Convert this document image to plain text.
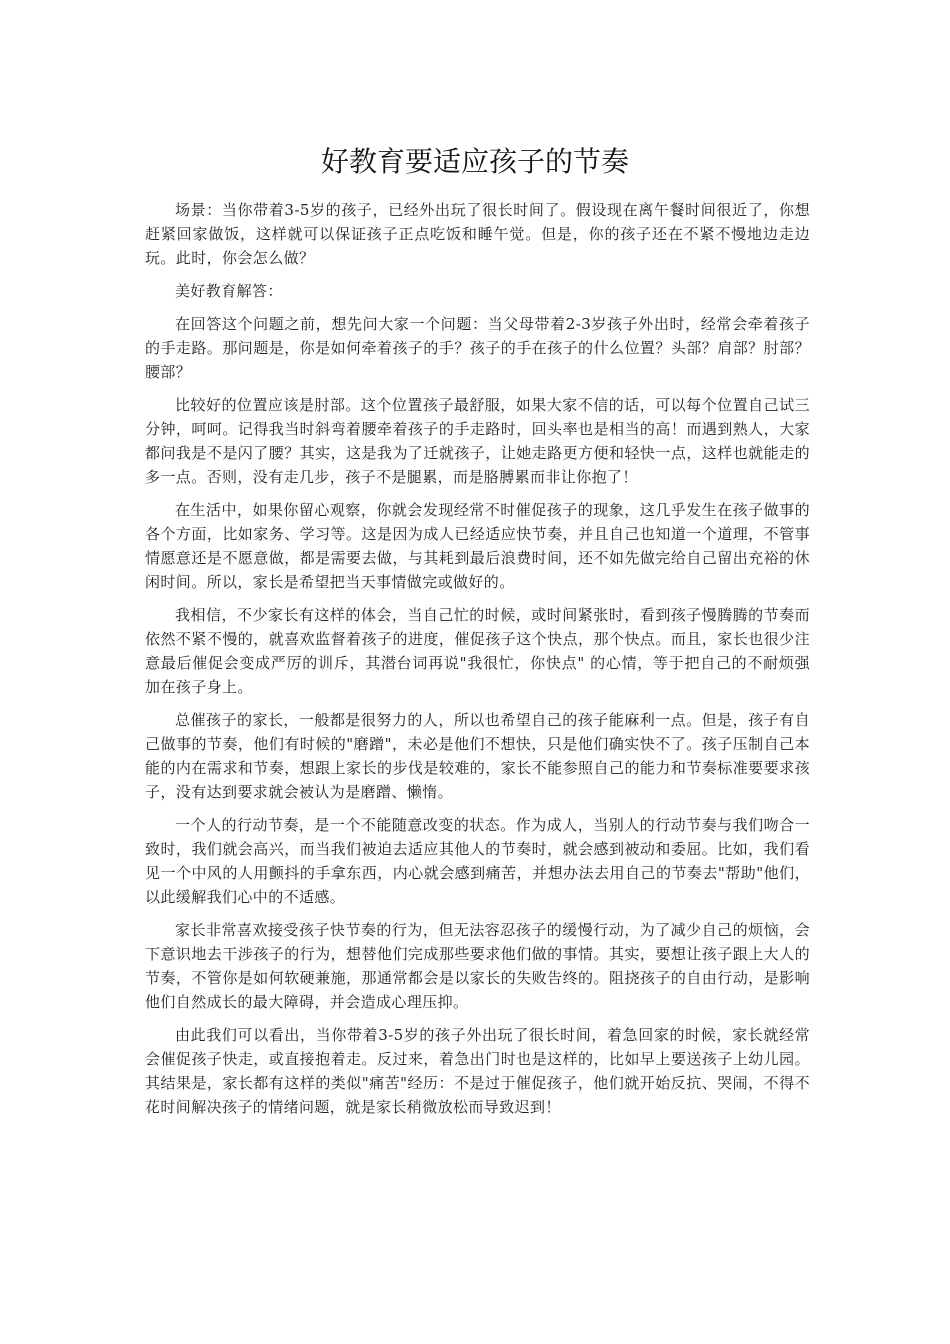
好教育要适应孩子的节奏

场景：当你带着3-5岁的孩子，已经外出玩了很长时间了。假设现在离午餐时间很近了，你想赶紧回家做饭，这样就可以保证孩子正点吃饭和睡午觉。但是，你的孩子还在不紧不慢地边走边玩。此时，你会怎么做？

美好教育解答：

在回答这个问题之前，想先问大家一个问题：当父母带着2-3岁孩子外出时，经常会牵着孩子的手走路。那问题是，你是如何牵着孩子的手？孩子的手在孩子的什么位置？头部？肩部？肘部？腰部？

比较好的位置应该是肘部。这个位置孩子最舒服，如果大家不信的话，可以每个位置自己试三分钟，呵呵。记得我当时斜弯着腰牵着孩子的手走路时，回头率也是相当的高！而遇到熟人，大家都问我是不是闪了腰？其实，这是我为了迁就孩子，让她走路更方便和轻快一点，这样也就能走的多一点。否则，没有走几步，孩子不是腿累，而是胳膊累而非让你抱了！

在生活中，如果你留心观察，你就会发现经常不时催促孩子的现象，这几乎发生在孩子做事的各个方面，比如家务、学习等。这是因为成人已经适应快节奏，并且自己也知道一个道理，不管事情愿意还是不愿意做，都是需要去做，与其耗到最后浪费时间，还不如先做完给自己留出充裕的休闲时间。所以，家长是希望把当天事情做完或做好的。

我相信，不少家长有这样的体会，当自己忙的时候，或时间紧张时，看到孩子慢腾腾的节奏而依然不紧不慢的，就喜欢监督着孩子的进度，催促孩子这个快点，那个快点。而且，家长也很少注意最后催促会变成严厉的训斥，其潜台词再说"我很忙，你快点" 的心情，等于把自己的不耐烦强加在孩子身上。

总催孩子的家长，一般都是很努力的人，所以也希望自己的孩子能麻利一点。但是，孩子有自己做事的节奏，他们有时候的"磨蹭"，未必是他们不想快，只是他们确实快不了。孩子压制自己本能的内在需求和节奏，想跟上家长的步伐是较难的，家长不能参照自己的能力和节奏标准要要求孩子，没有达到要求就会被认为是磨蹭、懒惰。

一个人的行动节奏，是一个不能随意改变的状态。作为成人，当别人的行动节奏与我们吻合一致时，我们就会高兴，而当我们被迫去适应其他人的节奏时，就会感到被动和委屈。比如，我们看见一个中风的人用颤抖的手拿东西，内心就会感到痛苦，并想办法去用自己的节奏去"帮助"他们，以此缓解我们心中的不适感。

家长非常喜欢接受孩子快节奏的行为，但无法容忍孩子的缓慢行动，为了减少自己的烦恼，会下意识地去干涉孩子的行为，想替他们完成那些要求他们做的事情。其实，要想让孩子跟上大人的节奏，不管你是如何软硬兼施，那通常都会是以家长的失败告终的。阻挠孩子的自由行动，是影响他们自然成长的最大障碍，并会造成心理压抑。

由此我们可以看出，当你带着3-5岁的孩子外出玩了很长时间，着急回家的时候，家长就经常会催促孩子快走，或直接抱着走。反过来，着急出门时也是这样的，比如早上要送孩子上幼儿园。其结果是，家长都有这样的类似"痛苦"经历：不是过于催促孩子，他们就开始反抗、哭闹，不得不花时间解决孩子的情绪问题，就是家长稍微放松而导致迟到！
